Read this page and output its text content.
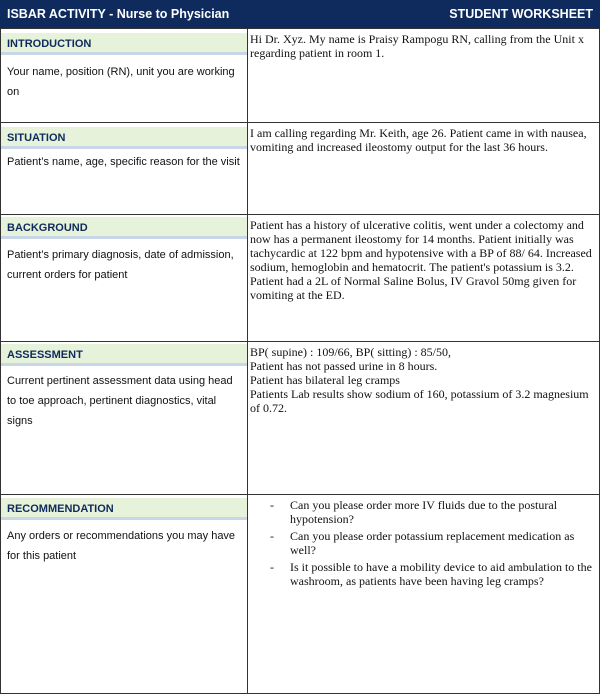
ISBAR ACTIVITY - Nurse to Physician	STUDENT WORKSHEET
INTRODUCTION
Your name, position (RN), unit you are working on

Hi Dr. Xyz. My name is Praisy Rampogu RN, calling from the Unit x regarding patient in room 1.

SITUATION
Patient’s name, age, specific reason for the visit

I am calling regarding Mr. Keith, age 26. Patient came in with nausea, vomiting and increased ileostomy output for the last 36 hours.

BACKGROUND
Patient’s primary diagnosis, date of admission, current orders for patient

Patient has a history of ulcerative colitis, went under a colectomy and now has a permanent ileostomy for 14 months. Patient initially was tachycardic at 122 bpm and hypotensive with a BP of 88/ 64. Increased sodium, hemoglobin and hematocrit. The patient's potassium is 3.2. Patient had a 2L of Normal Saline Bolus, IV Gravol 50mg given for vomiting at the ED.

ASSESSMENT
Current pertinent assessment data using head to toe approach, pertinent diagnostics, vital signs

BP( supine) : 109/66, BP( sitting) : 85/50,

Patient has not passed urine in 8 hours.

Patient has bilateral leg cramps

Patients Lab results show sodium of 160, potassium of 3.2 magnesium of 0.72.

RECOMMENDATION
Any orders or recommendations you may have for this patient
- Can you please order more IV fluids due to the postural hypotension?
- Can you please order potassium replacement medication as well?
- Is it possible to have a mobility device to aid ambulation to the washroom, as patients have been having leg cramps?
